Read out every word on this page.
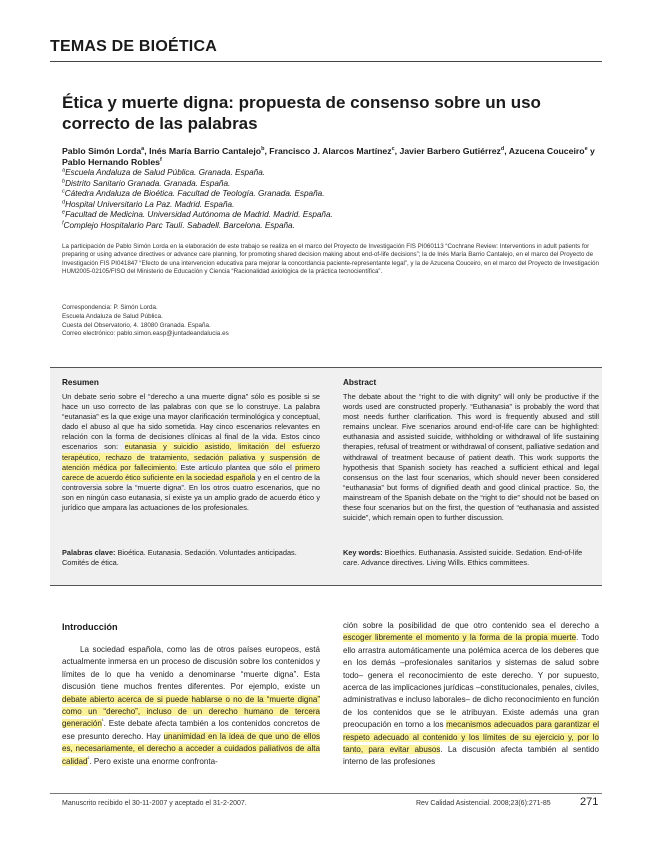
TEMAS DE BIOÉTICA
Ética y muerte digna: propuesta de consenso sobre un uso correcto de las palabras
Pablo Simón Lorda$^a$, Inés María Barrio Cantalejo$^b$, Francisco J. Alarcos Martínez$^c$, Javier Barbero Gutiérrez$^d$, Azucena Couceiro$^e$ y Pablo Hernando Robles$^f$
$^a$Escuela Andaluza de Salud Pública. Granada. España.
$^b$Distrito Sanitario Granada. Granada. España.
$^c$Cátedra Andaluza de Bioética. Facultad de Teología. Granada. España.
$^d$Hospital Universitario La Paz. Madrid. España.
$^e$Facultad de Medicina. Universidad Autónoma de Madrid. Madrid. España.
$^f$Complejo Hospitalario Parc Taulí. Sabadell. Barcelona. España.
La participación de Pablo Simón Lorda en la elaboración de este trabajo se realiza en el marco del Proyecto de Investigación FIS PI060113 “Cochrane Review: Interventions in adult patients for preparing or using advance directives or advance care planning, for promoting shared decision making about end-of-life decisions”; la de Inés María Barrio Cantalejo, en el marco del Proyecto de Investigación FIS PI041847 “Efecto de una intervencion educativa para mejorar la concordancia paciente-representante legal”, y la de Azucena Couceiro, en el marco del Proyecto de Investigación HUM2005-02105/FISO del Ministerio de Educación y Ciencia “Racionalidad axiológica de la práctica tecnocientífica”.
Correspondencia: P. Simón Lorda.
Escuela Andaluza de Salud Pública.
Cuesta del Observatorio, 4. 18080 Granada. España.
Correo electrónico: pablo.simon.easp@juntadeandalucia.es
Resumen
Un debate serio sobre el “derecho a una muerte digna” sólo es posible si se hace un uso correcto de las palabras con que se lo construye. La palabra “eutanasia” es la que exige una mayor clarificación terminológica y conceptual, dado el abuso al que ha sido sometida. Hay cinco escenarios relevantes en relación con la forma de decisiones clínicas al final de la vida. Estos cinco escenarios son: eutanasia y suicidio asistido, limitación del esfuerzo terapéutico, rechazo de tratamiento, sedación paliativa y suspensión de atención médica por fallecimiento. Este artículo plantea que sólo el primero carece de acuerdo ético suficiente en la sociedad española y en el centro de la controversia sobre la “muerte digna”. En los otros cuatro escenarios, que no son en ningún caso eutanasia, sí existe ya un amplio grado de acuerdo ético y jurídico que ampara las actuaciones de los profesionales.
Palabras clave: Bioética. Eutanasia. Sedación. Voluntades anticipadas. Comités de ética.
Abstract
The debate about the “right to die with dignity” will only be productive if the words used are constructed properly. “Euthanasia” is probably the word that most needs further clarification. This word is frequently abused and still remains unclear. Five scenarios around end-of-life care can be highlighted: euthanasia and assisted suicide, withholding or withdrawal of life sustaining therapies, refusal of treatment or withdrawal of consent, palliative sedation and withdrawal of treatment because of patient death. This work supports the hypothesis that Spanish society has reached a sufficient ethical and legal consensus on the last four scenarios, which should never been considered “euthanasia” but forms of dignified death and good clinical practice. So, the mainstream of the Spanish debate on the “right to die” should not be based on these four scenarios but on the first, the question of “euthanasia and assisted suicide”, which remain open to further discussion.
Key words: Bioethics. Euthanasia. Assisted suicide. Sedation. End-of-life care. Advance directives. Living Wills. Ethics committees.
Introducción
La sociedad española, como las de otros países europeos, está actualmente inmersa en un proceso de discusión sobre los contenidos y límites de lo que ha venido a denominarse “muerte digna”. Esta discusión tiene muchos frentes diferentes. Por ejemplo, existe un debate abierto acerca de si puede hablarse o no de la “muerte digna” como un “derecho”, incluso de un derecho humano de tercera generación$^{^1}$. Este debate afecta también a los contenidos concretos de ese presunto derecho. Hay unanimidad en la idea de que uno de ellos es, necesariamente, el derecho a acceder a cuidados paliativos de alta calidad$^{^2}$. Pero existe una enorme confronta-
ción sobre la posibilidad de que otro contenido sea el derecho a escoger libremente el momento y la forma de la propia muerte. Todo ello arrastra automáticamente una polémica acerca de los deberes que en los demás –profesionales sanitarios y sistemas de salud sobre todo– genera el reconocimiento de este derecho. Y por supuesto, acerca de las implicaciones jurídicas –constitucionales, penales, civiles, administrativas e incluso laborales– de dicho reconocimiento en función de los contenidos que se le atribuyan. Existe además una gran preocupación en torno a los mecanismos adecuados para garantizar el respeto adecuado al contenido y los límites de su ejercicio y, por lo tanto, para evitar abusos. La discusión afecta también al sentido interno de las profesiones
Manuscrito recibido el 30-11-2007 y aceptado el 31-2-2007.	Rev Calidad Asistencial. 2008;23(6):271-85	271
